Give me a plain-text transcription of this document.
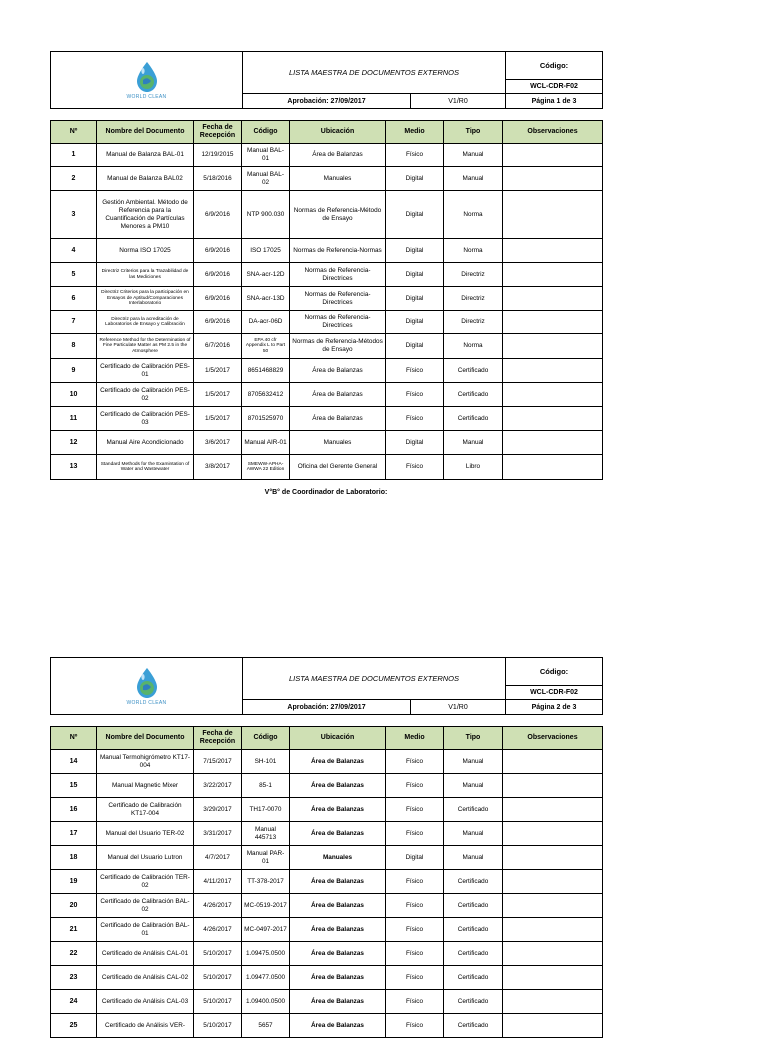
WORLD CLEAN	LISTA MAESTRA DE DOCUMENTOS EXTERNOS		Código:
			WCL-CDR-F02
	Aprobación: 27/09/2017	V1/R0	Página 1 de 3
Nº	Nombre del Documento	Fecha de Recepción	Código	Ubicación	Medio	Tipo	Observaciones
1	Manual de Balanza BAL-01	12/19/2015	Manual BAL-01	Área de Balanzas	Físico	Manual	
2	Manual de Balanza BAL02	5/18/2016	Manual BAL-02	Manuales	Digital	Manual	
3	Gestión Ambiental. Método de Referencia para la Cuantificación de Partículas Menores a PM10	6/9/2016	NTP 900.030	Normas de Referencia-Método de Ensayo	Digital	Norma	
4	Norma ISO 17025	6/9/2016	ISO 17025	Normas de Referencia-Normas	Digital	Norma	
5	Directriz Criterios para la Trazabilidad de las Mediciones	6/9/2016	SNA-acr-12D	Normas de Referencia-Directrices	Digital	Directriz	
6	Directriz Criterios para la participación en Ensayos de Aptitud/Comparaciones Interlaboratorio	6/9/2016	SNA-acr-13D	Normas de Referencia-Directrices	Digital	Directriz	
7	Directriz para la acreditación de Laboratorios de Ensayo y Calibración	6/9/2016	DA-acr-06D	Normas de Referencia-Directrices	Digital	Directriz	
8	Reference Method for the Determination of Fine Particulate Matter as PM 2.5 in the Atmosphere	6/7/2016	EPA 40 cfr Appendix L to Part 50	Normas de Referencia-Métodos de Ensayo	Digital	Norma	
9	Certificado de Calibración PES-01	1/5/2017	8651468829	Área de Balanzas	Físico	Certificado	
10	Certificado de Calibración PES-02	1/5/2017	8705632412	Área de Balanzas	Físico	Certificado	
11	Certificado de Calibración PES-03	1/5/2017	8701525970	Área de Balanzas	Físico	Certificado	
12	Manual Aire Acondicionado	3/6/2017	Manual AIR-01	Manuales	Digital	Manual	
13	Standard Methods for the Examintation of Water and Wastewater	3/8/2017	SMEWW-APHA-AWWA 22 Edition	Oficina del Gerente General	Físico	Libro	
V°B° de Coordinador de Laboratorio:
WORLD CLEAN	LISTA MAESTRA DE DOCUMENTOS EXTERNOS		Código:
			WCL-CDR-F02
	Aprobación: 27/09/2017	V1/R0	Página 2 de 3
Nº	Nombre del Documento	Fecha de Recepción	Código	Ubicación	Medio	Tipo	Observaciones
14	Manual Termohigrómetro KT17-004	7/15/2017	SH-101	Área de Balanzas	Físico	Manual	
15	Manual Magnetic Mixer	3/22/2017	85-1	Área de Balanzas	Físico	Manual	
16	Certificado de Calibración KT17-004	3/29/2017	TH17-0070	Área de Balanzas	Físico	Certificado	
17	Manual del Usuario TER-02	3/31/2017	Manual 445713	Área de Balanzas	Físico	Manual	
18	Manual del Usuario Lutron	4/7/2017	Manual PAR-01	Manuales	Digital	Manual	
19	Certificado de Calibración TER-02	4/11/2017	TT-378-2017	Área de Balanzas	Físico	Certificado	
20	Certificado de Calibración BAL-02	4/26/2017	MC-0519-2017	Área de Balanzas	Físico	Certificado	
21	Certificado de Calibración BAL-01	4/26/2017	MC-0497-2017	Área de Balanzas	Físico	Certificado	
22	Certificado de Análisis CAL-01	5/10/2017	1.09475.0500	Área de Balanzas	Físico	Certificado	
23	Certificado de Análisis CAL-02	5/10/2017	1.09477.0500	Área de Balanzas	Físico	Certificado	
24	Certificado de Análisis CAL-03	5/10/2017	1.09400.0500	Área de Balanzas	Físico	Certificado	
25	Certificado de Análisis VER-	5/10/2017	5657	Área de Balanzas	Físico	Certificado	
